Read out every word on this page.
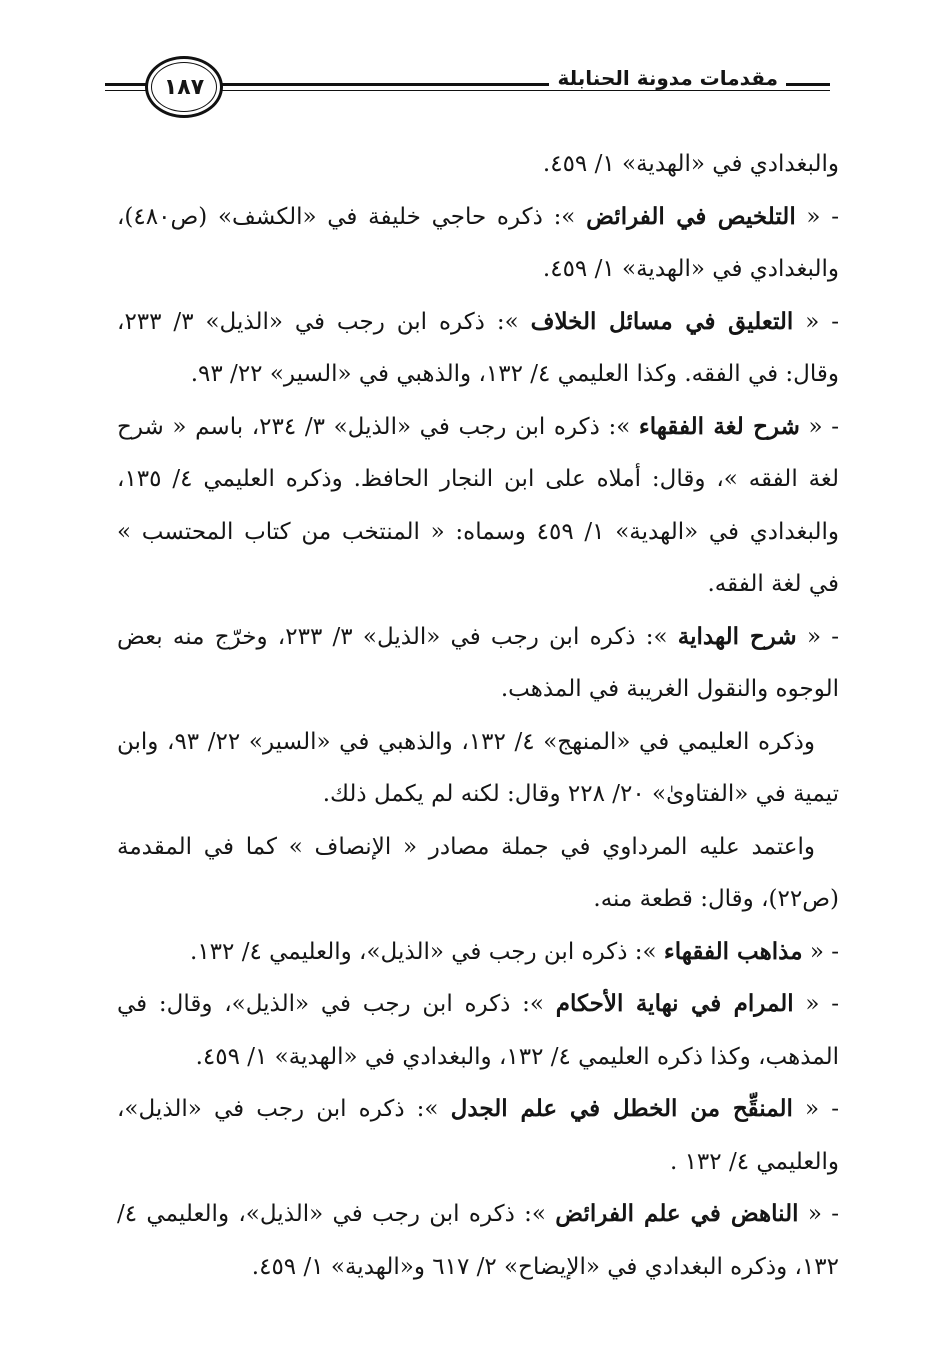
مقدمات مدونة الحنابلة
١٨٧

والبغدادي في «الهدية» ١/ ٤٥٩.

- « التلخيص في الفرائض »: ذكره حاجي خليفة في «الكشف» (ص٤٨٠)، والبغدادي في «الهدية» ١/ ٤٥٩.

- « التعليق في مسائل الخلاف »: ذكره ابن رجب في «الذيل» ٣/ ٢٣٣، وقال: في الفقه. وكذا العليمي ٤/ ١٣٢، والذهبي في «السير» ٢٢/ ٩٣.

- « شرح لغة الفقهاء »: ذكره ابن رجب في «الذيل» ٣/ ٢٣٤، باسم « شرح لغة الفقه »، وقال: أملاه على ابن النجار الحافظ. وذكره العليمي ٤/ ١٣٥، والبغدادي في «الهدية» ١/ ٤٥٩ وسماه: « المنتخب من كتاب المحتسب » في لغة الفقه.

- « شرح الهداية »: ذكره ابن رجب في «الذيل» ٣/ ٢٣٣، وخرّج منه بعض الوجوه والنقول الغريبة في المذهب.

وذكره العليمي في «المنهج» ٤/ ١٣٢، والذهبي في «السير» ٢٢/ ٩٣، وابن تيمية في «الفتاوىٰ» ٢٠/ ٢٢٨ وقال: لكنه لم يكمل ذلك.

واعتمد عليه المرداوي في جملة مصادر « الإنصاف » كما في المقدمة (ص٢٢)، وقال: قطعة منه.

- « مذاهب الفقهاء »: ذكره ابن رجب في «الذيل»، والعليمي ٤/ ١٣٢.

- « المرام في نهاية الأحكام »: ذكره ابن رجب في «الذيل»، وقال: في المذهب، وكذا ذكره العليمي ٤/ ١٣٢، والبغدادي في «الهدية» ١/ ٤٥٩.

- « المنقِّح من الخطل في علم الجدل »: ذكره ابن رجب في «الذيل»، والعليمي ٤/ ١٣٢ .

- « الناهض في علم الفرائض »: ذكره ابن رجب في «الذيل»، والعليمي ٤/ ١٣٢، وذكره البغدادي في «الإيضاح» ٢/ ٦١٧ و«الهدية» ١/ ٤٥٩.
